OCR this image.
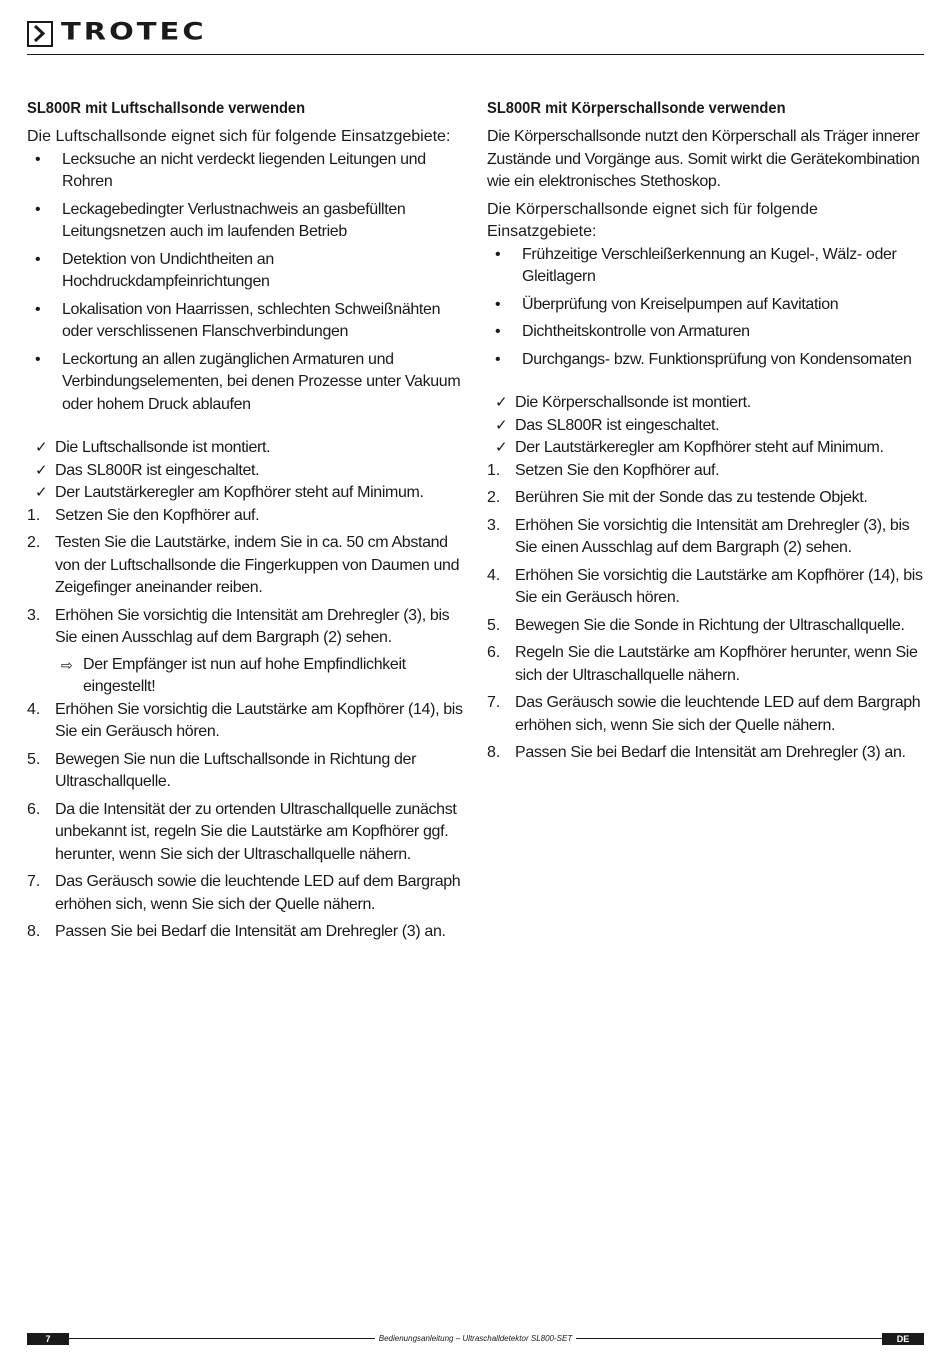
TROTEC
SL800R mit Luftschallsonde verwenden
Die Luftschallsonde eignet sich für folgende Einsatzgebiete:
• Lecksuche an nicht verdeckt liegenden Leitungen und
Rohren
• Leckagebedingter Verlustnachweis an gasbefüllten
Leitungsnetzen auch im laufenden Betrieb
• Detektion von Undichtheiten an
Hochdruckdampfeinrichtungen
• Lokalisation von Haarrissen, schlechten Schweißnähten
oder verschlissenen Flanschverbindungen
• Leckortung an allen zugänglichen Armaturen und
Verbindungselementen, bei denen Prozesse unter Vakuum
oder hohem Druck ablaufen
✓ Die Luftschallsonde ist montiert.
✓ Das SL800R ist eingeschaltet.
✓ Der Lautstärkeregler am Kopfhörer steht auf Minimum.
1. Setzen Sie den Kopfhörer auf.
2. Testen Sie die Lautstärke, indem Sie in ca. 50 cm Abstand
von der Luftschallsonde die Fingerkuppen von Daumen und
Zeigefinger aneinander reiben.
3. Erhöhen Sie vorsichtig die Intensität am Drehregler (3), bis
Sie einen Ausschlag auf dem Bargraph (2) sehen.
⇨ Der Empfänger ist nun auf hohe Empfindlichkeit
eingestellt!
4. Erhöhen Sie vorsichtig die Lautstärke am Kopfhörer (14), bis
Sie ein Geräusch hören.
5. Bewegen Sie nun die Luftschallsonde in Richtung der
Ultraschallquelle.
6. Da die Intensität der zu ortenden Ultraschallquelle zunächst
unbekannt ist, regeln Sie die Lautstärke am Kopfhörer ggf.
herunter, wenn Sie sich der Ultraschallquelle nähern.
7. Das Geräusch sowie die leuchtende LED auf dem Bargraph
erhöhen sich, wenn Sie sich der Quelle nähern.
8. Passen Sie bei Bedarf die Intensität am Drehregler (3) an.
SL800R mit Körperschallsonde verwenden
Die Körperschallsonde nutzt den Körperschall als Träger innerer
Zustände und Vorgänge aus. Somit wirkt die Gerätekombination
wie ein elektronisches Stethoskop.
Die Körperschallsonde eignet sich für folgende Einsatzgebiete:
• Frühzeitige Verschleißerkennung an Kugel-, Wälz- oder
Gleitlagern
• Überprüfung von Kreiselpumpen auf Kavitation
• Dichtheitskontrolle von Armaturen
• Durchgangs- bzw. Funktionsprüfung von Kondensomaten
✓ Die Körperschallsonde ist montiert.
✓ Das SL800R ist eingeschaltet.
✓ Der Lautstärkeregler am Kopfhörer steht auf Minimum.
1. Setzen Sie den Kopfhörer auf.
2. Berühren Sie mit der Sonde das zu testende Objekt.
3. Erhöhen Sie vorsichtig die Intensität am Drehregler (3), bis
Sie einen Ausschlag auf dem Bargraph (2) sehen.
4. Erhöhen Sie vorsichtig die Lautstärke am Kopfhörer (14), bis
Sie ein Geräusch hören.
5. Bewegen Sie die Sonde in Richtung der Ultraschallquelle.
6. Regeln Sie die Lautstärke am Kopfhörer herunter, wenn Sie
sich der Ultraschallquelle nähern.
7. Das Geräusch sowie die leuchtende LED auf dem Bargraph
erhöhen sich, wenn Sie sich der Quelle nähern.
8. Passen Sie bei Bedarf die Intensität am Drehregler (3) an.
Bedienungsanleitung – Ultraschalldetektor SL800-SET
7	DE
